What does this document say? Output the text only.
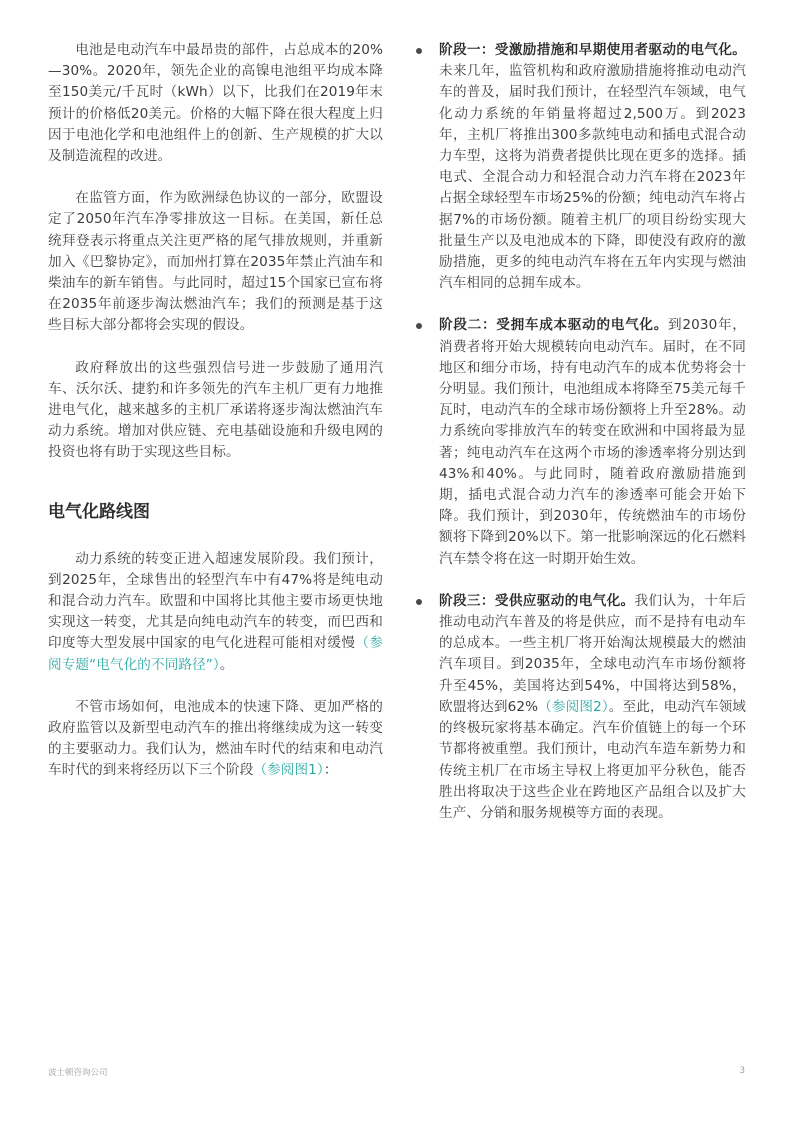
电池是电动汽车中最昂贵的部件，占总成本的20%—30%。2020年，领先企业的高镍电池组平均成本降至150美元/千瓦时（kWh）以下，比我们在2019年末预计的价格低20美元。价格的大幅下降在很大程度上归因于电池化学和电池组件上的创新、生产规模的扩大以及制造流程的改进。

在监管方面，作为欧洲绿色协议的一部分，欧盟设定了2050年汽车净零排放这一目标。在美国，新任总统拜登表示将重点关注更严格的尾气排放规则，并重新加入《巴黎协定》，而加州打算在2035年禁止汽油车和柴油车的新车销售。与此同时，超过15个国家已宣布将在2035年前逐步淘汰燃油汽车；我们的预测是基于这些目标大部分都将会实现的假设。

政府释放出的这些强烈信号进一步鼓励了通用汽车、沃尔沃、捷豹和许多领先的汽车主机厂更有力地推进电气化，越来越多的主机厂承诺将逐步淘汰燃油汽车动力系统。增加对供应链、充电基础设施和升级电网的投资也将有助于实现这些目标。

电气化路线图

动力系统的转变正进入超速发展阶段。我们预计，到2025年，全球售出的轻型汽车中有47%将是纯电动和混合动力汽车。欧盟和中国将比其他主要市场更快地实现这一转变，尤其是向纯电动汽车的转变，而巴西和印度等大型发展中国家的电气化进程可能相对缓慢（参阅专题“电气化的不同路径”）。

不管市场如何，电池成本的快速下降、更加严格的政府监管以及新型电动汽车的推出将继续成为这一转变的主要驱动力。我们认为，燃油车时代的结束和电动汽车时代的到来将经历以下三个阶段（参阅图1）：

阶段一：受激励措施和早期使用者驱动的电气化。未来几年，监管机构和政府激励措施将推动电动汽车的普及，届时我们预计，在轻型汽车领域，电气化动力系统的年销量将超过2,500万。到2023年，主机厂将推出300多款纯电动和插电式混合动力车型，这将为消费者提供比现在更多的选择。插电式、全混合动力和轻混合动力汽车将在2023年占据全球轻型车市场25%的份额；纯电动汽车将占据7%的市场份额。随着主机厂的项目纷纷实现大批量生产以及电池成本的下降，即使没有政府的激励措施，更多的纯电动汽车将在五年内实现与燃油汽车相同的总拥车成本。

阶段二：受拥车成本驱动的电气化。到2030年，消费者将开始大规模转向电动汽车。届时，在不同地区和细分市场，持有电动汽车的成本优势将会十分明显。我们预计，电池组成本将降至75美元每千瓦时，电动汽车的全球市场份额将上升至28%。动力系统向零排放汽车的转变在欧洲和中国将最为显著；纯电动汽车在这两个市场的渗透率将分别达到43%和40%。与此同时，随着政府激励措施到期，插电式混合动力汽车的渗透率可能会开始下降。我们预计，到2030年，传统燃油车的市场份额将下降到20%以下。第一批影响深远的化石燃料汽车禁令将在这一时期开始生效。

阶段三：受供应驱动的电气化。我们认为，十年后推动电动汽车普及的将是供应，而不是持有电动车的总成本。一些主机厂将开始淘汰规模最大的燃油汽车项目。到2035年，全球电动汽车市场份额将升至45%，美国将达到54%，中国将达到58%，欧盟将达到62%（参阅图2）。至此，电动汽车领域的终极玩家将基本确定。汽车价值链上的每一个环节都将被重塑。我们预计，电动汽车造车新势力和传统主机厂在市场主导权上将更加平分秋色，能否胜出将取决于这些企业在跨地区产品组合以及扩大生产、分销和服务规模等方面的表现。

波士顿咨询公司	3
